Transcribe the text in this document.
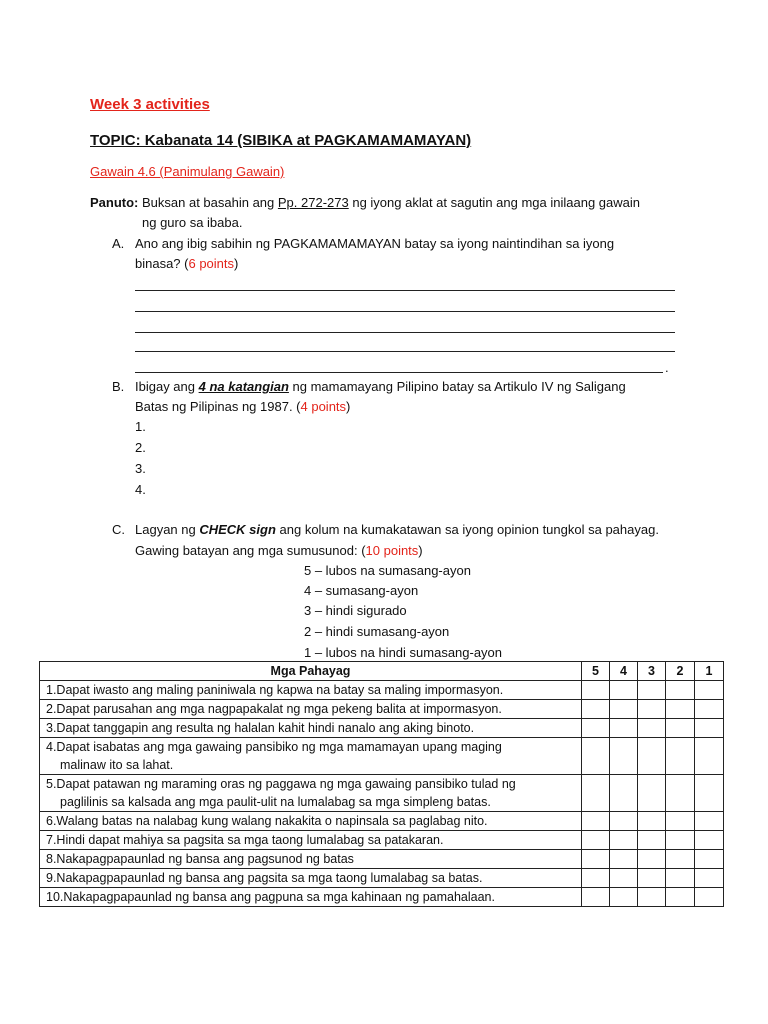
Week 3 activities
TOPIC: Kabanata 14 (SIBIKA at PAGKAMAMAMAYAN)
Gawain 4.6 (Panimulang Gawain)
Panuto: Buksan at basahin ang Pp. 272-273 ng iyong aklat at sagutin ang mga inilaang gawain
ng guro sa ibaba.
A. Ano ang ibig sabihin ng PAGKAMAMAMAYAN batay sa iyong naintindihan sa iyong
binasa? (6 points)
.
B. Ibigay ang 4 na katangian ng mamamayang Pilipino batay sa Artikulo IV ng Saligang
Batas ng Pilipinas ng 1987. (4 points)
1.
2.
3.
4.
C. Lagyan ng CHECK sign ang kolum na kumakatawan sa iyong opinion tungkol sa pahayag.
Gawing batayan ang mga sumusunod: (10 points)
5 – lubos na sumasang-ayon
4 – sumasang-ayon
3 – hindi sigurado
2 – hindi sumasang-ayon
1 – lubos na hindi sumasang-ayon
Mga Pahayag	5	4	3	2	1
1.Dapat iwasto ang maling paniniwala ng kapwa na batay sa maling impormasyon.					
2.Dapat parusahan ang mga nagpapakalat ng mga pekeng balita at impormasyon.					
3.Dapat tanggapin ang resulta ng halalan kahit hindi nanalo ang aking binoto.					
4.Dapat isabatas ang mga gawaing pansibiko ng mga mamamayan upang maging
malinaw ito sa lahat.					

5.Dapat patawan ng maraming oras ng paggawa ng mga gawaing pansibiko tulad ng
paglilinis sa kalsada ang mga paulit-ulit na lumalabag sa mga simpleng batas.					

6.Walang batas na nalabag kung walang nakakita o napinsala sa paglabag nito.					
7.Hindi dapat mahiya sa pagsita sa mga taong lumalabag sa patakaran.					
8.Nakapagpapaunlad ng bansa ang pagsunod ng batas					
9.Nakapagpapaunlad ng bansa ang pagsita sa mga taong lumalabag sa batas.					
10.Nakapagpapaunlad ng bansa ang pagpuna sa mga kahinaan ng pamahalaan.					
